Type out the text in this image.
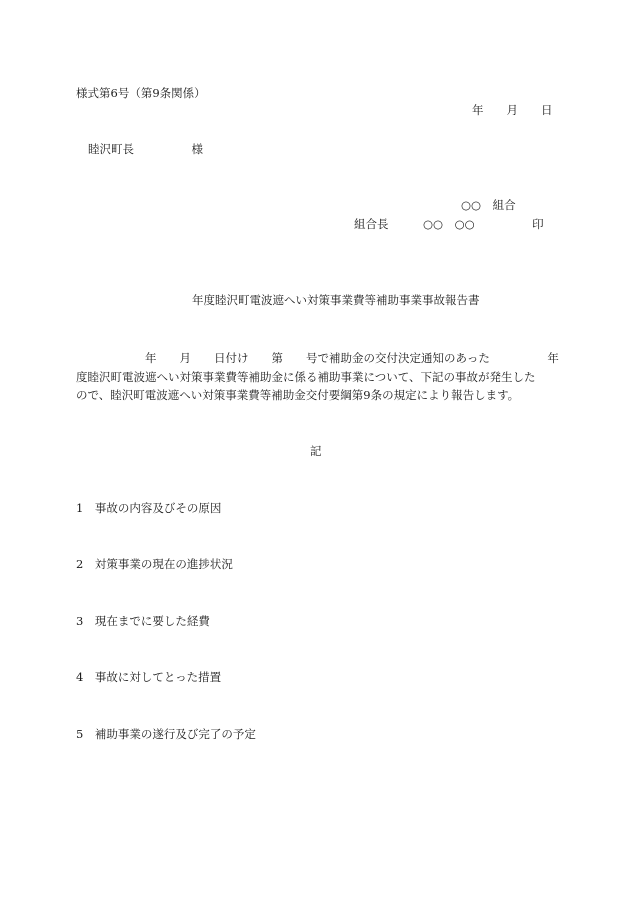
様式第6号（第9条関係）
年　　月　　日
睦沢町長　　　　　様
○○　組合
組合長　　　○○　○○　　　　　印
年度睦沢町電波遮へい対策事業費等補助事業事故報告書
　　　　　　年　　月　　日付け　　第　　号で補助金の交付決定通知のあった　　　　　年
度睦沢町電波遮へい対策事業費等補助金に係る補助事業について、下記の事故が発生した
ので、睦沢町電波遮へい対策事業費等補助金交付要綱第9条の規定により報告します。
記
1　事故の内容及びその原因
2　対策事業の現在の進捗状況
3　現在までに要した経費
4　事故に対してとった措置
5　補助事業の遂行及び完了の予定
